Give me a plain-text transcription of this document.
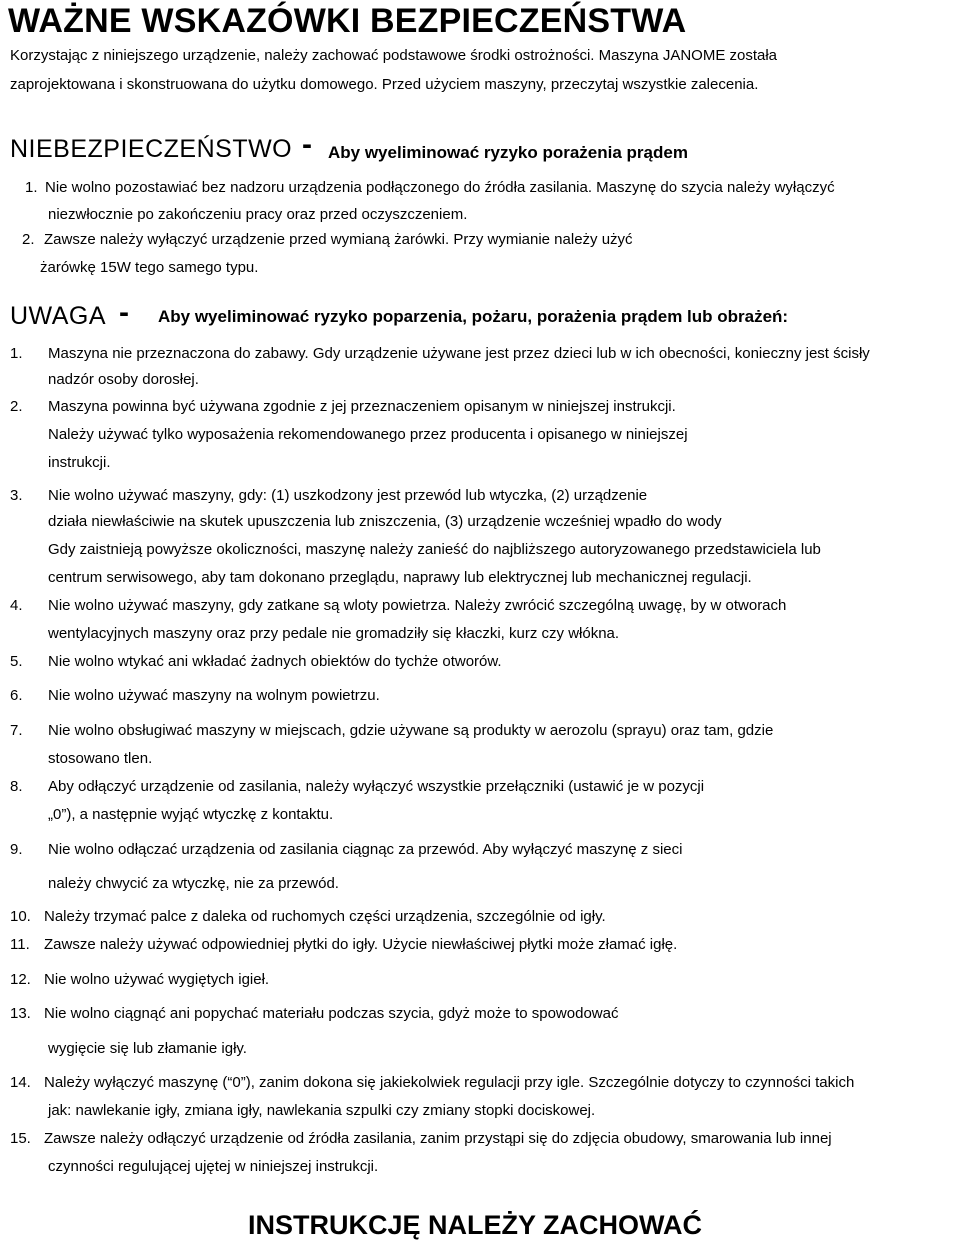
WAŻNE WSKAZÓWKI BEZPIECZEŃSTWA
Korzystając z niniejszego urządzenie, należy zachować podstawowe środki ostrożności. Maszyna JANOME została
zaprojektowana i skonstruowana do użytku domowego. Przed użyciem maszyny, przeczytaj wszystkie zalecenia.
NIEBEZPIECZEŃSTWO - Aby wyeliminować ryzyko porażenia prądem
1. Nie wolno pozostawiać bez nadzoru urządzenia podłączonego do źródła zasilania. Maszynę do szycia należy wyłączyć
niezwłocznie po zakończeniu pracy oraz przed oczyszczeniem.
2. Zawsze należy wyłączyć urządzenie przed wymianą żarówki. Przy wymianie należy użyć
żarówkę 15W tego samego typu.
UWAGA - Aby wyeliminować ryzyko poparzenia, pożaru, porażenia prądem lub obrażeń:
1. Maszyna nie przeznaczona do zabawy. Gdy urządzenie używane jest przez dzieci lub w ich obecności, konieczny jest ścisły
nadzór osoby dorosłej.
2. Maszyna powinna być używana zgodnie z jej przeznaczeniem opisanym w niniejszej instrukcji.
Należy używać tylko wyposażenia rekomendowanego przez producenta i opisanego w niniejszej
instrukcji.
3. Nie wolno używać maszyny, gdy: (1) uszkodzony jest przewód lub wtyczka, (2) urządzenie
działa niewłaściwie na skutek upuszczenia lub zniszczenia, (3) urządzenie wcześniej wpadło do wody
Gdy zaistnieją powyższe okoliczności, maszynę należy zanieść do najbliższego autoryzowanego przedstawiciela lub
centrum serwisowego, aby tam dokonano przeglądu, naprawy lub elektrycznej lub mechanicznej regulacji.
4. Nie wolno używać maszyny, gdy zatkane są wloty powietrza. Należy zwrócić szczególną uwagę, by w otworach
wentylacyjnych maszyny oraz przy pedale nie gromadziły się kłaczki, kurz czy włókna.
5. Nie wolno wtykać ani wkładać żadnych obiektów do tychże otworów.
6. Nie wolno używać maszyny na wolnym powietrzu.
7. Nie wolno obsługiwać maszyny w miejscach, gdzie używane są produkty w aerozolu (sprayu) oraz tam, gdzie
stosowano tlen.
8. Aby odłączyć urządzenie od zasilania, należy wyłączyć wszystkie przełączniki (ustawić je w pozycji
„0”), a następnie wyjąć wtyczkę z kontaktu.
9. Nie wolno odłączać urządzenia od zasilania ciągnąc za przewód. Aby wyłączyć maszynę z sieci
należy chwycić za wtyczkę, nie za przewód.
10. Należy trzymać palce z daleka od ruchomych części urządzenia, szczególnie od igły.
11. Zawsze należy używać odpowiedniej płytki do igły. Użycie niewłaściwej płytki może złamać igłę.
12. Nie wolno używać wygiętych igieł.
13. Nie wolno ciągnąć ani popychać materiału podczas szycia, gdyż może to spowodować
wygięcie się lub złamanie igły.
14. Należy wyłączyć maszynę (“0”), zanim dokona się jakiekolwiek regulacji przy igle. Szczególnie dotyczy to czynności takich
jak: nawlekanie igły, zmiana igły, nawlekania szpulki czy zmiany stopki dociskowej.
15. Zawsze należy odłączyć urządzenie od źródła zasilania, zanim przystąpi się do zdjęcia obudowy, smarowania lub innej
czynności regulującej ujętej w niniejszej instrukcji.
INSTRUKCJĘ NALEŻY ZACHOWAĆ
